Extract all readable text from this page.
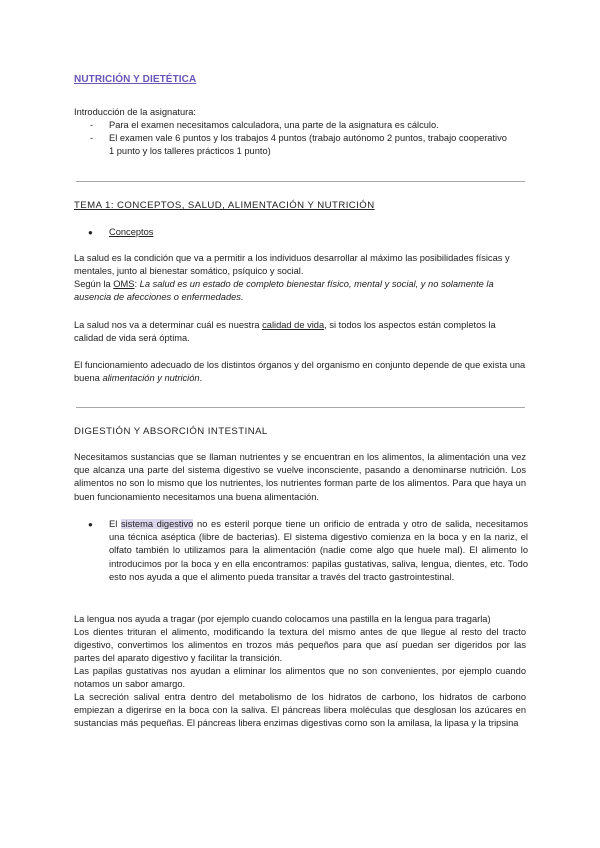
NUTRICIÓN Y DIETÉTICA

Introducción de la asignatura:

- Para el examen necesitamos calculadora, una parte de la asignatura es cálculo.
- El examen vale 6 puntos y los trabajos 4 puntos (trabajo autónomo 2 puntos, trabajo cooperativo 1 punto y los talleres prácticos 1 punto)
TEMA 1: CONCEPTOS, SALUD, ALIMENTACIÓN Y NUTRICIÓN
● Conceptos

La salud es la condición que va a permitir a los individuos desarrollar al máximo las posibilidades físicas y mentales, junto al bienestar somático, psíquico y social.

Según la OMS: La salud es un estado de completo bienestar físico, mental y social, y no solamente la ausencia de afecciones o enfermedades.

La salud nos va a determinar cuál es nuestra calidad de vida, si todos los aspectos están completos la calidad de vida será óptima.

El funcionamiento adecuado de los distintos órganos y del organismo en conjunto depende de que exista una buena alimentación y nutrición.

DIGESTIÓN Y ABSORCIÓN INTESTINAL

Necesitamos sustancias que se llaman nutrientes y se encuentran en los alimentos, la alimentación una vez que alcanza una parte del sistema digestivo se vuelve inconsciente, pasando a denominarse nutrición. Los alimentos no son lo mismo que los nutrientes, los nutrientes forman parte de los alimentos. Para que haya un buen funcionamiento necesitamos una buena alimentación.

● El sistema digestivo no es esteril porque tiene un orificio de entrada y otro de salida, necesitamos una técnica aséptica (libre de bacterias). El sistema digestivo comienza en la boca y en la nariz, el olfato también lo utilizamos para la alimentación (nadie come algo que huele mal). El alimento lo introducimos por la boca y en ella encontramos: papilas gustativas, saliva, lengua, dientes, etc. Todo esto nos ayuda a que el alimento pueda transitar a través del tracto gastrointestinal.

La lengua nos ayuda a tragar (por ejemplo cuando colocamos una pastilla en la lengua para tragarla)

Los dientes trituran el alimento, modificando la textura del mismo antes de que llegue al resto del tracto digestivo, convertimos los alimentos en trozos más pequeños para que así puedan ser digeridos por las partes del aparato digestivo y facilitar la transición.

Las papilas gustativas nos ayudan a eliminar los alimentos que no son convenientes, por ejemplo cuando notamos un sabor amargo.

La secreción salival entra dentro del metabolismo de los hidratos de carbono, los hidratos de carbono empiezan a digerirse en la boca con la saliva. El páncreas libera moléculas que desglosan los azúcares en sustancias más pequeñas. El páncreas libera enzimas digestivas como son la amilasa, la lipasa y la tripsina
